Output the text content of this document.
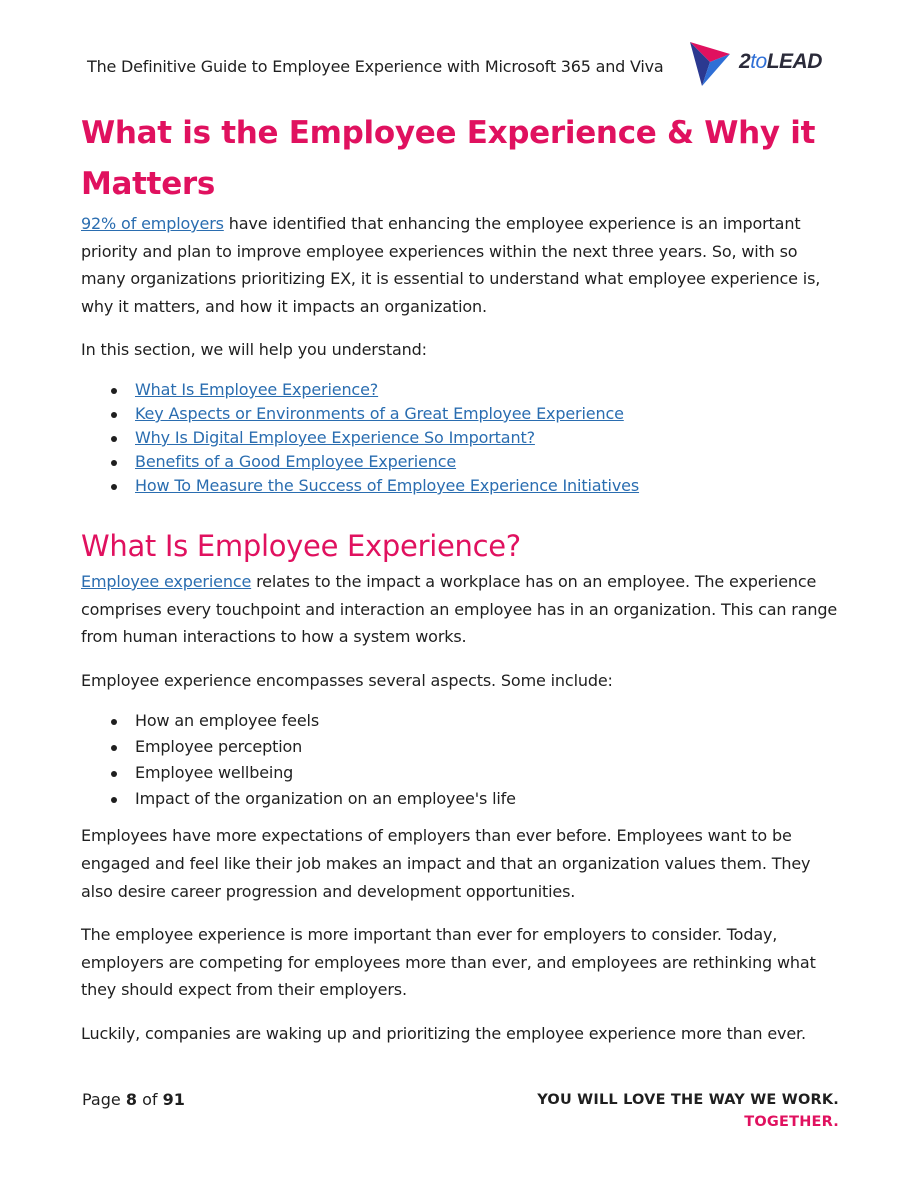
The Definitive Guide to Employee Experience with Microsoft 365 and Viva	2toLEAD
What is the Employee Experience & Why it Matters

92% of employers have identified that enhancing the employee experience is an important priority and plan to improve employee experiences within the next three years. So, with so many organizations prioritizing EX, it is essential to understand what employee experience is, why it matters, and how it impacts an organization.

In this section, we will help you understand:

What Is Employee Experience?
Key Aspects or Environments of a Great Employee Experience
Why Is Digital Employee Experience So Important?
Benefits of a Good Employee Experience
How To Measure the Success of Employee Experience Initiatives
What Is Employee Experience?

Employee experience relates to the impact a workplace has on an employee. The experience comprises every touchpoint and interaction an employee has in an organization. This can range from human interactions to how a system works.

Employee experience encompasses several aspects. Some include:

How an employee feels
Employee perception
Employee wellbeing
Impact of the organization on an employee's life

Employees have more expectations of employers than ever before. Employees want to be engaged and feel like their job makes an impact and that an organization values them. They also desire career progression and development opportunities.

The employee experience is more important than ever for employers to consider. Today, employers are competing for employees more than ever, and employees are rethinking what they should expect from their employers.

Luckily, companies are waking up and prioritizing the employee experience more than ever.

Page 8 of 91	YOU WILL LOVE THE WAY WE WORK.
TOGETHER.
